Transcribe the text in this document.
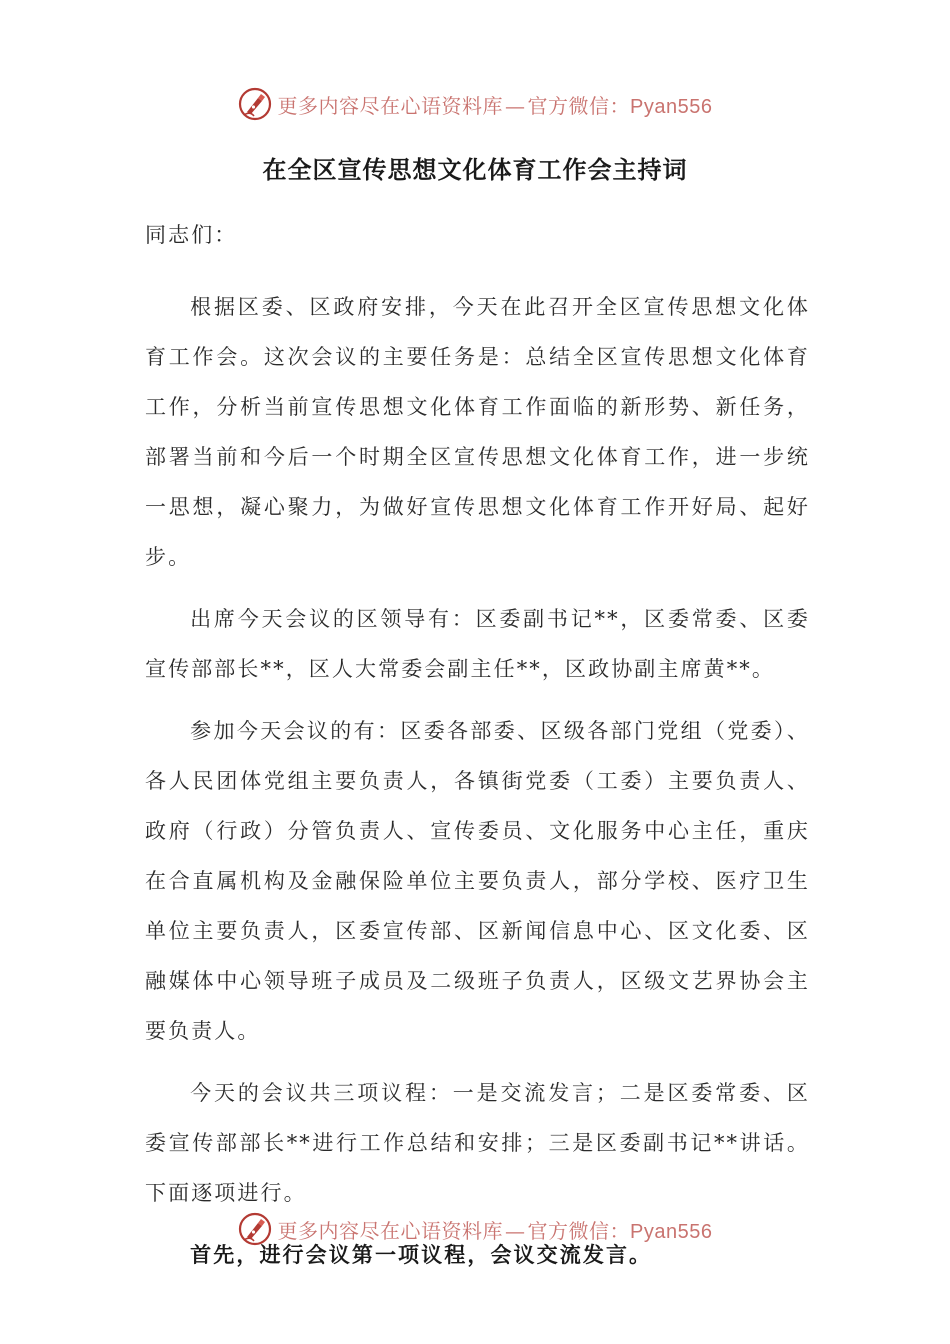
更多内容尽在心语资料库 — 官方微信：Pyan556
在全区宣传思想文化体育工作会主持词

同志们：

根据区委、区政府安排，今天在此召开全区宣传思想文化体育工作会。这次会议的主要任务是：总结全区宣传思想文化体育工作，分析当前宣传思想文化体育工作面临的新形势、新任务，部署当前和今后一个时期全区宣传思想文化体育工作，进一步统一思想，凝心聚力，为做好宣传思想文化体育工作开好局、起好步。

出席今天会议的区领导有：区委副书记**，区委常委、区委宣传部部长**，区人大常委会副主任**，区政协副主席黄**。

参加今天会议的有：区委各部委、区级各部门党组（党委）、各人民团体党组主要负责人，各镇街党委（工委）主要负责人、政府（行政）分管负责人、宣传委员、文化服务中心主任，重庆在合直属机构及金融保险单位主要负责人，部分学校、医疗卫生单位主要负责人，区委宣传部、区新闻信息中心、区文化委、区融媒体中心领导班子成员及二级班子负责人，区级文艺界协会主要负责人。

今天的会议共三项议程：一是交流发言；二是区委常委、区委宣传部部长**进行工作总结和安排；三是区委副书记**讲话。下面逐项进行。

首先，进行会议第一项议程，会议交流发言。

更多内容尽在心语资料库 — 官方微信：Pyan556
